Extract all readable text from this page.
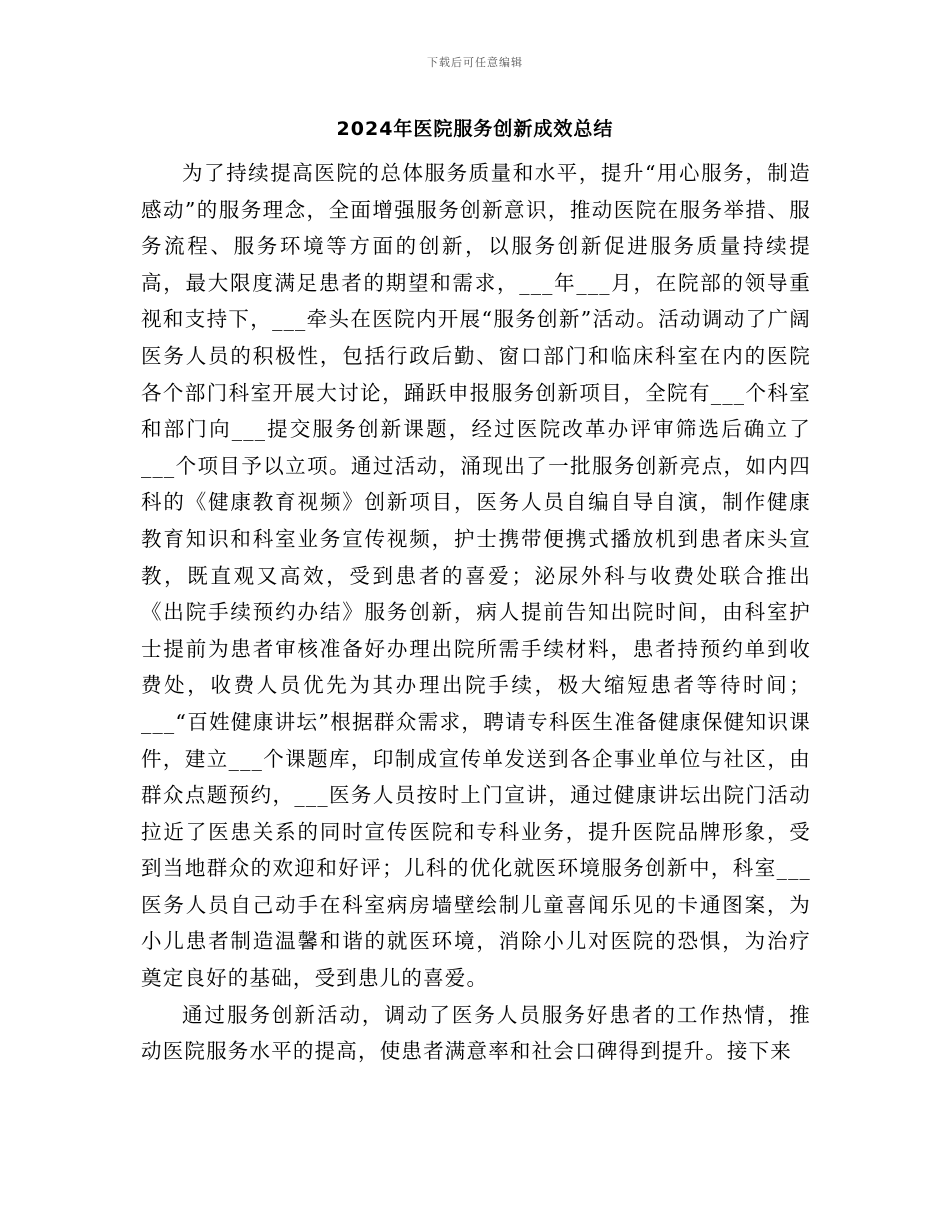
下载后可任意编辑
2024年医院服务创新成效总结

为了持续提高医院的总体服务质量和水平，提升“用心服务，制造感动”的服务理念，全面增强服务创新意识，推动医院在服务举措、服务流程、服务环境等方面的创新，以服务创新促进服务质量持续提高，最大限度满足患者的期望和需求，___年___月，在院部的领导重视和支持下，___牵头在医院内开展“服务创新”活动。活动调动了广阔医务人员的积极性，包括行政后勤、窗口部门和临床科室在内的医院各个部门科室开展大讨论，踊跃申报服务创新项目，全院有___个科室和部门向___提交服务创新课题，经过医院改革办评审筛选后确立了___个项目予以立项。通过活动，涌现出了一批服务创新亮点，如内四科的《健康教育视频》创新项目，医务人员自编自导自演，制作健康教育知识和科室业务宣传视频，护士携带便携式播放机到患者床头宣教，既直观又高效，受到患者的喜爱；泌尿外科与收费处联合推出《出院手续预约办结》服务创新，病人提前告知出院时间，由科室护士提前为患者审核准备好办理出院所需手续材料，患者持预约单到收费处，收费人员优先为其办理出院手续，极大缩短患者等待时间；___“百姓健康讲坛”根据群众需求，聘请专科医生准备健康保健知识课件，建立___个课题库，印制成宣传单发送到各企事业单位与社区，由群众点题预约，___医务人员按时上门宣讲，通过健康讲坛出院门活动拉近了医患关系的同时宣传医院和专科业务，提升医院品牌形象，受到当地群众的欢迎和好评；儿科的优化就医环境服务创新中，科室___医务人员自己动手在科室病房墙壁绘制儿童喜闻乐见的卡通图案，为小儿患者制造温馨和谐的就医环境，消除小儿对医院的恐惧，为治疗奠定良好的基础，受到患儿的喜爱。

通过服务创新活动，调动了医务人员服务好患者的工作热情，推动医院服务水平的提高，使患者满意率和社会口碑得到提升。接下来
